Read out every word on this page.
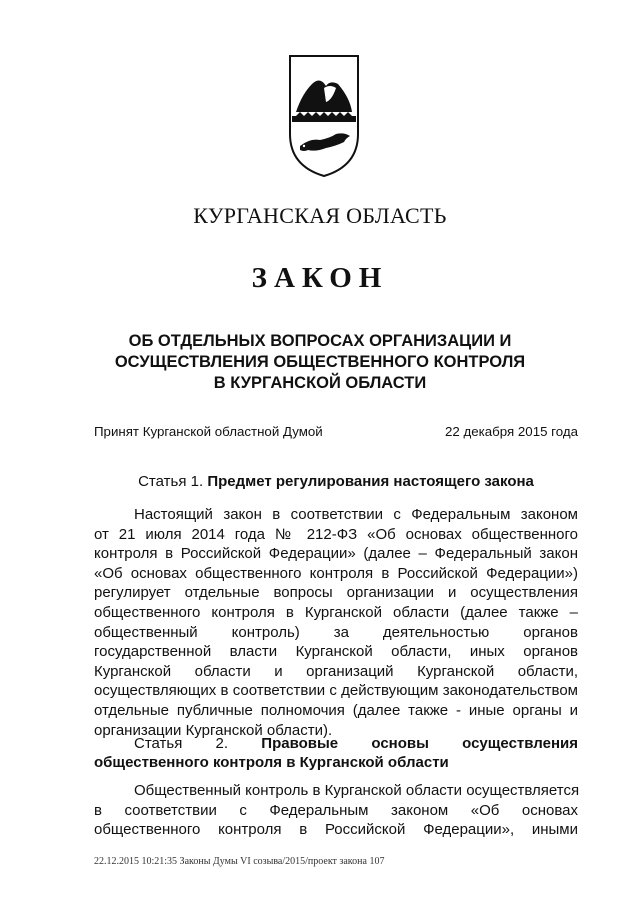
КУРГАНСКАЯ ОБЛАСТЬ
ЗАКОН
ОБ ОТДЕЛЬНЫХ ВОПРОСАХ ОРГАНИЗАЦИИ И
ОСУЩЕСТВЛЕНИЯ ОБЩЕСТВЕННОГО КОНТРОЛЯ
В КУРГАНСКОЙ ОБЛАСТИ
Принят Курганской областной Думой	22 декабря 2015 года
Статья 1. Предмет регулирования настоящего закона
Настоящий закон в соответствии с Федеральным законом
от 21 июля 2014 года № 212-ФЗ «Об основах общественного
контроля в Российской Федерации» (далее – Федеральный закон
«Об основах общественного контроля в Российской Федерации»)
регулирует отдельные вопросы организации и осуществления
общественного контроля в Курганской области (далее также –
общественный контроль) за деятельностью органов
государственной власти Курганской области, иных органов
Курганской области и организаций Курганской области,
осуществляющих в соответствии с действующим законодательством
отдельные публичные полномочия (далее также - иные органы и
организации Курганской области).
Статья 2. Правовые основы осуществления
общественного контроля в Курганской области
Общественный контроль в Курганской области осуществляется
в соответствии с Федеральным законом «Об основах
общественного контроля в Российской Федерации», иными
22.12.2015 10:21:35 Законы Думы VI созыва/2015/проект закона 107
